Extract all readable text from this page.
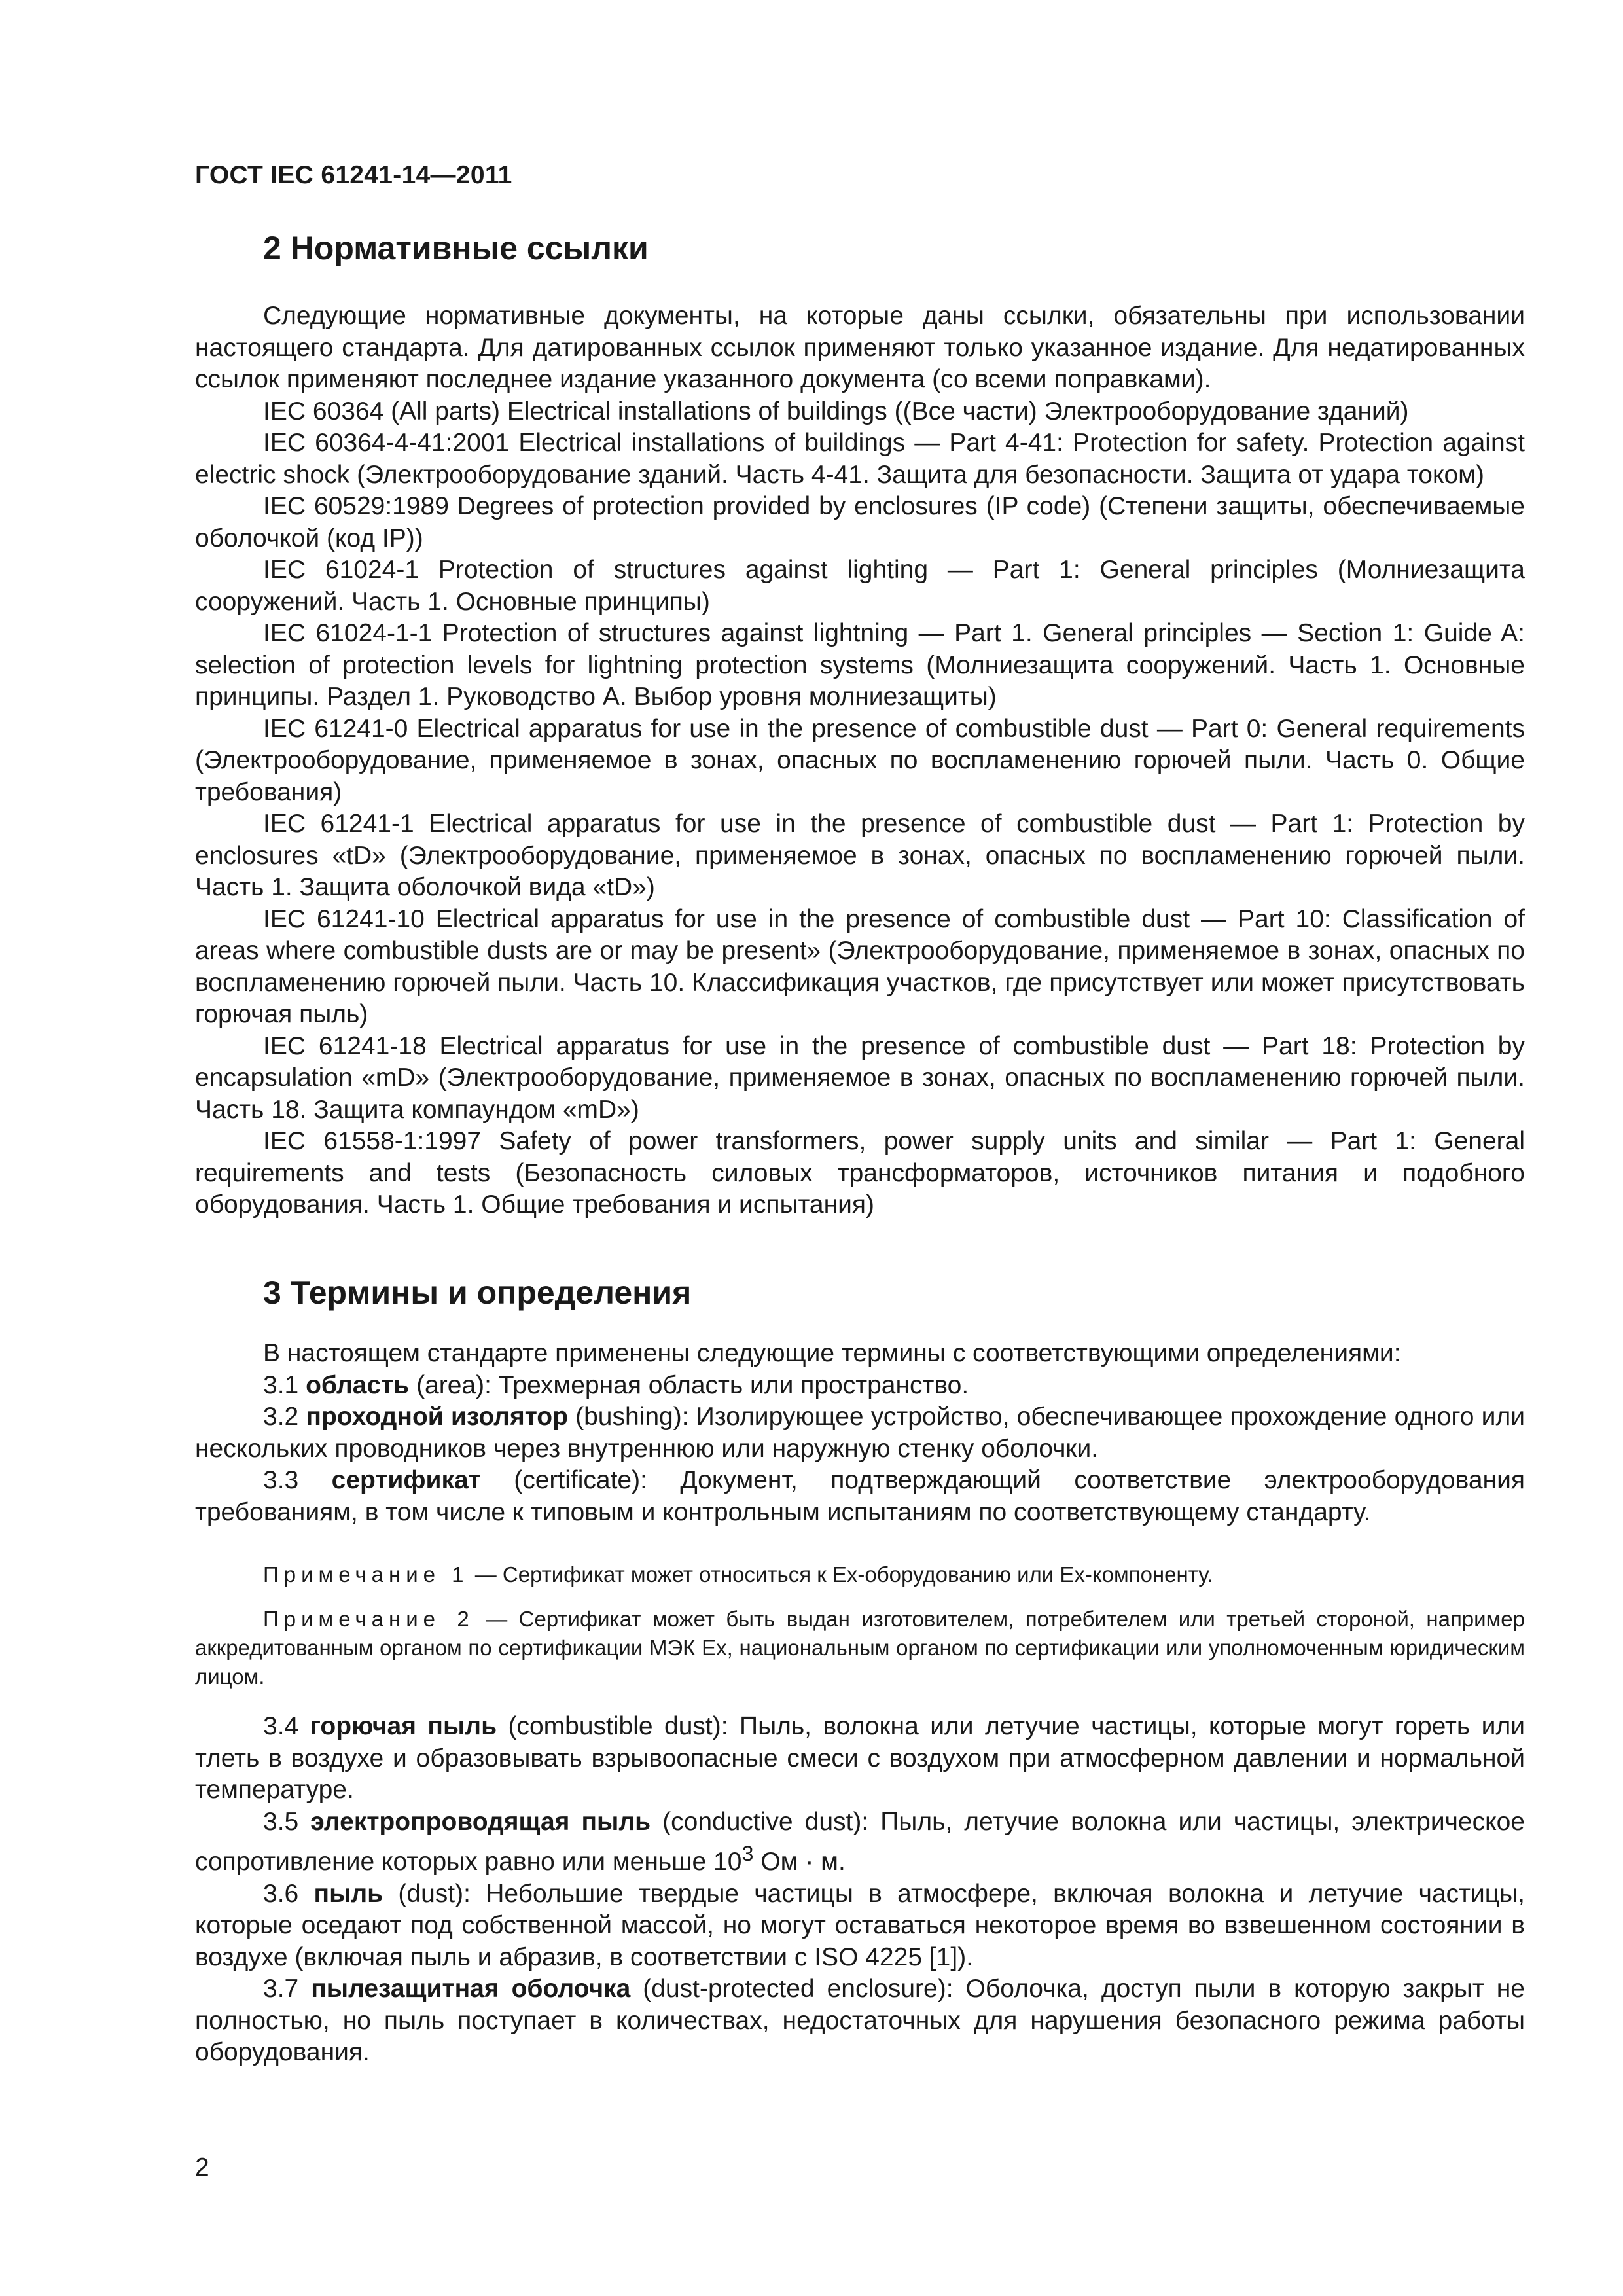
ГОСТ IEC 61241-14—2011
2 Нормативные ссылки

Следующие нормативные документы, на которые даны ссылки, обязательны при использовании настоящего стандарта. Для датированных ссылок применяют только указанное издание. Для недатированных ссылок применяют последнее издание указанного документа (со всеми поправками).

IEC 60364 (All parts) Electrical installations of buildings ((Все части) Электрооборудование зданий)

IEC 60364-4-41:2001 Electrical installations of buildings — Part 4-41: Protection for safety. Protection against electric shock (Электрооборудование зданий. Часть 4-41. Защита для безопасности. Защита от удара током)

IEC 60529:1989 Degrees of protection provided by enclosures (IP code) (Степени защиты, обеспечиваемые оболочкой (код IP))

IEC 61024-1 Protection of structures against lighting — Part 1: General principles (Молниезащита сооружений. Часть 1. Основные принципы)

IEC 61024-1-1 Protection of structures against lightning — Part 1. General principles — Section 1: Guide A: selection of protection levels for lightning protection systems (Молниезащита сооружений. Часть 1. Основные принципы. Раздел 1. Руководство А. Выбор уровня молниезащиты)

IEC 61241-0 Electrical apparatus for use in the presence of combustible dust — Part 0: General requirements (Электрооборудование, применяемое в зонах, опасных по воспламенению горючей пыли. Часть 0. Общие требования)

IEC 61241-1 Electrical apparatus for use in the presence of combustible dust — Part 1: Protection by enclosures «tD» (Электрооборудование, применяемое в зонах, опасных по воспламенению горючей пыли. Часть 1. Защита оболочкой вида «tD»)

IEC 61241-10 Electrical apparatus for use in the presence of combustible dust — Part 10: Classification of areas where combustible dusts are or may be present» (Электрооборудование, применяемое в зонах, опасных по воспламенению горючей пыли. Часть 10. Классификация участков, где присутствует или может присутствовать горючая пыль)

IEC 61241-18 Electrical apparatus for use in the presence of combustible dust — Part 18: Protection by encapsulation «mD» (Электрооборудование, применяемое в зонах, опасных по воспламенению горючей пыли. Часть 18. Защита компаундом «mD»)

IEC 61558-1:1997 Safety of power transformers, power supply units and similar — Part 1: General requirements and tests (Безопасность силовых трансформаторов, источников питания и подобного оборудования. Часть 1. Общие требования и испытания)

3 Термины и определения

В настоящем стандарте применены следующие термины с соответствующими определениями:

3.1 область (area): Трехмерная область или пространство.

3.2 проходной изолятор (bushing): Изолирующее устройство, обеспечивающее прохождение одного или нескольких проводников через внутреннюю или наружную стенку оболочки.

3.3 сертификат (certificate): Документ, подтверждающий соответствие электрооборудования требованиям, в том числе к типовым и контрольным испытаниям по соответствующему стандарту.

Примечание 1 — Сертификат может относиться к Ex-оборудованию или Ex-компоненту.

Примечание 2 — Сертификат может быть выдан изготовителем, потребителем или третьей стороной, например аккредитованным органом по сертификации МЭК Ex, национальным органом по сертификации или уполномоченным юридическим лицом.

3.4 горючая пыль (combustible dust): Пыль, волокна или летучие частицы, которые могут гореть или тлеть в воздухе и образовывать взрывоопасные смеси с воздухом при атмосферном давлении и нормальной температуре.

3.5 электропроводящая пыль (conductive dust): Пыль, летучие волокна или частицы, электрическое сопротивление которых равно или меньше $10^3$ Ом · м.

3.6 пыль (dust): Небольшие твердые частицы в атмосфере, включая волокна и летучие частицы, которые оседают под собственной массой, но могут оставаться некоторое время во взвешенном состоянии в воздухе (включая пыль и абразив, в соответствии с ISO 4225 [1]).

3.7 пылезащитная оболочка (dust-protected enclosure): Оболочка, доступ пыли в которую закрыт не полностью, но пыль поступает в количествах, недостаточных для нарушения безопасного режима работы оборудования.

2
